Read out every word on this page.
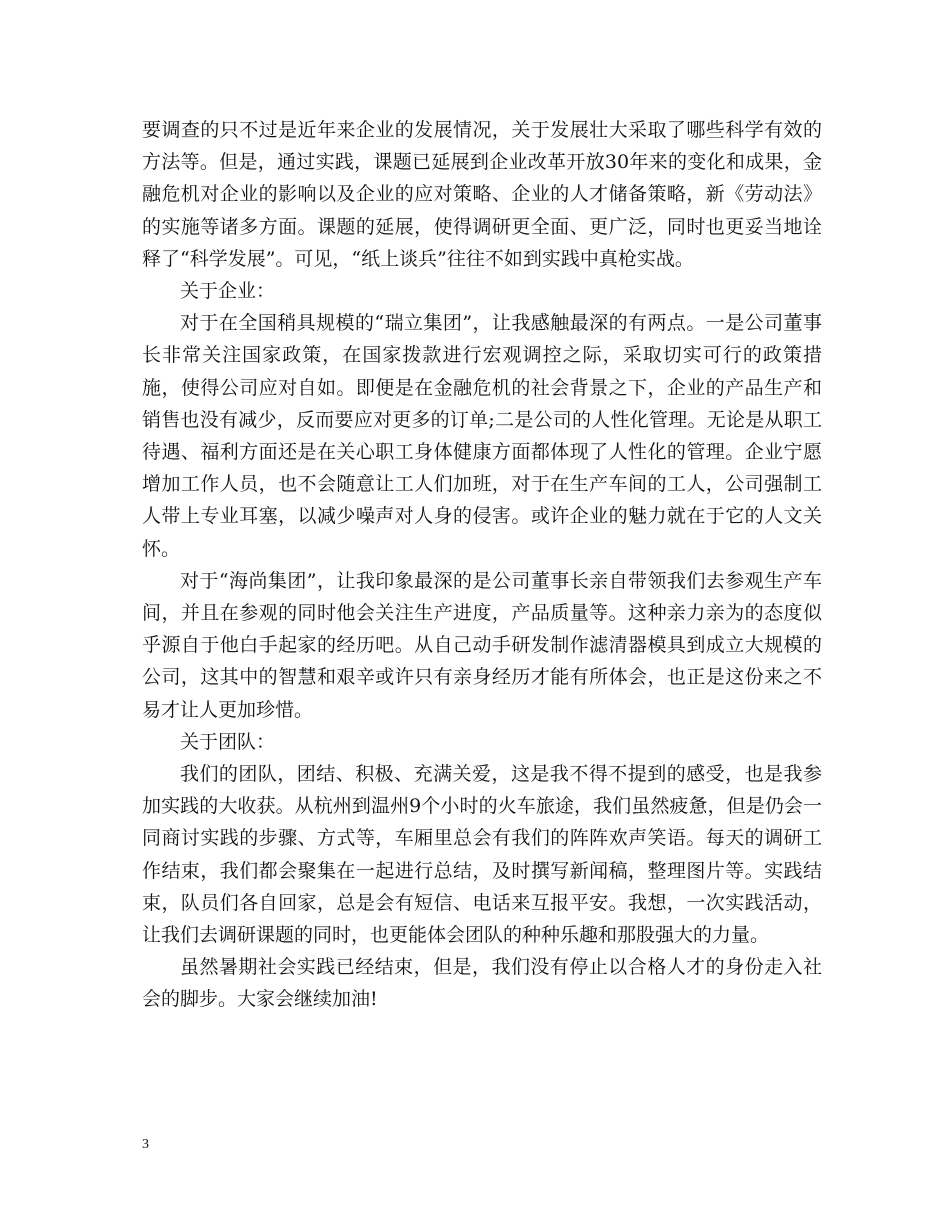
要调查的只不过是近年来企业的发展情况，关于发展壮大采取了哪些科学有效的方法等。但是，通过实践，课题已延展到企业改革开放30年来的变化和成果，金融危机对企业的影响以及企业的应对策略、企业的人才储备策略，新《劳动法》的实施等诸多方面。课题的延展，使得调研更全面、更广泛，同时也更妥当地诠释了“科学发展”。可见，“纸上谈兵”往往不如到实践中真枪实战。

关于企业：

对于在全国稍具规模的“瑞立集团”，让我感触最深的有两点。一是公司董事长非常关注国家政策，在国家拨款进行宏观调控之际，采取切实可行的政策措施，使得公司应对自如。即便是在金融危机的社会背景之下，企业的产品生产和销售也没有减少，反而要应对更多的订单;二是公司的人性化管理。无论是从职工待遇、福利方面还是在关心职工身体健康方面都体现了人性化的管理。企业宁愿增加工作人员，也不会随意让工人们加班，对于在生产车间的工人，公司强制工人带上专业耳塞，以减少噪声对人身的侵害。或许企业的魅力就在于它的人文关怀。

对于“海尚集团”，让我印象最深的是公司董事长亲自带领我们去参观生产车间，并且在参观的同时他会关注生产进度，产品质量等。这种亲力亲为的态度似乎源自于他白手起家的经历吧。从自己动手研发制作滤清器模具到成立大规模的公司，这其中的智慧和艰辛或许只有亲身经历才能有所体会，也正是这份来之不易才让人更加珍惜。

关于团队：

我们的团队，团结、积极、充满关爱，这是我不得不提到的感受，也是我参加实践的大收获。从杭州到温州9个小时的火车旅途，我们虽然疲惫，但是仍会一同商讨实践的步骤、方式等，车厢里总会有我们的阵阵欢声笑语。每天的调研工作结束，我们都会聚集在一起进行总结，及时撰写新闻稿，整理图片等。实践结束，队员们各自回家，总是会有短信、电话来互报平安。我想，一次实践活动，让我们去调研课题的同时，也更能体会团队的种种乐趣和那股强大的力量。

虽然暑期社会实践已经结束，但是，我们没有停止以合格人才的身份走入社会的脚步。大家会继续加油!

3
